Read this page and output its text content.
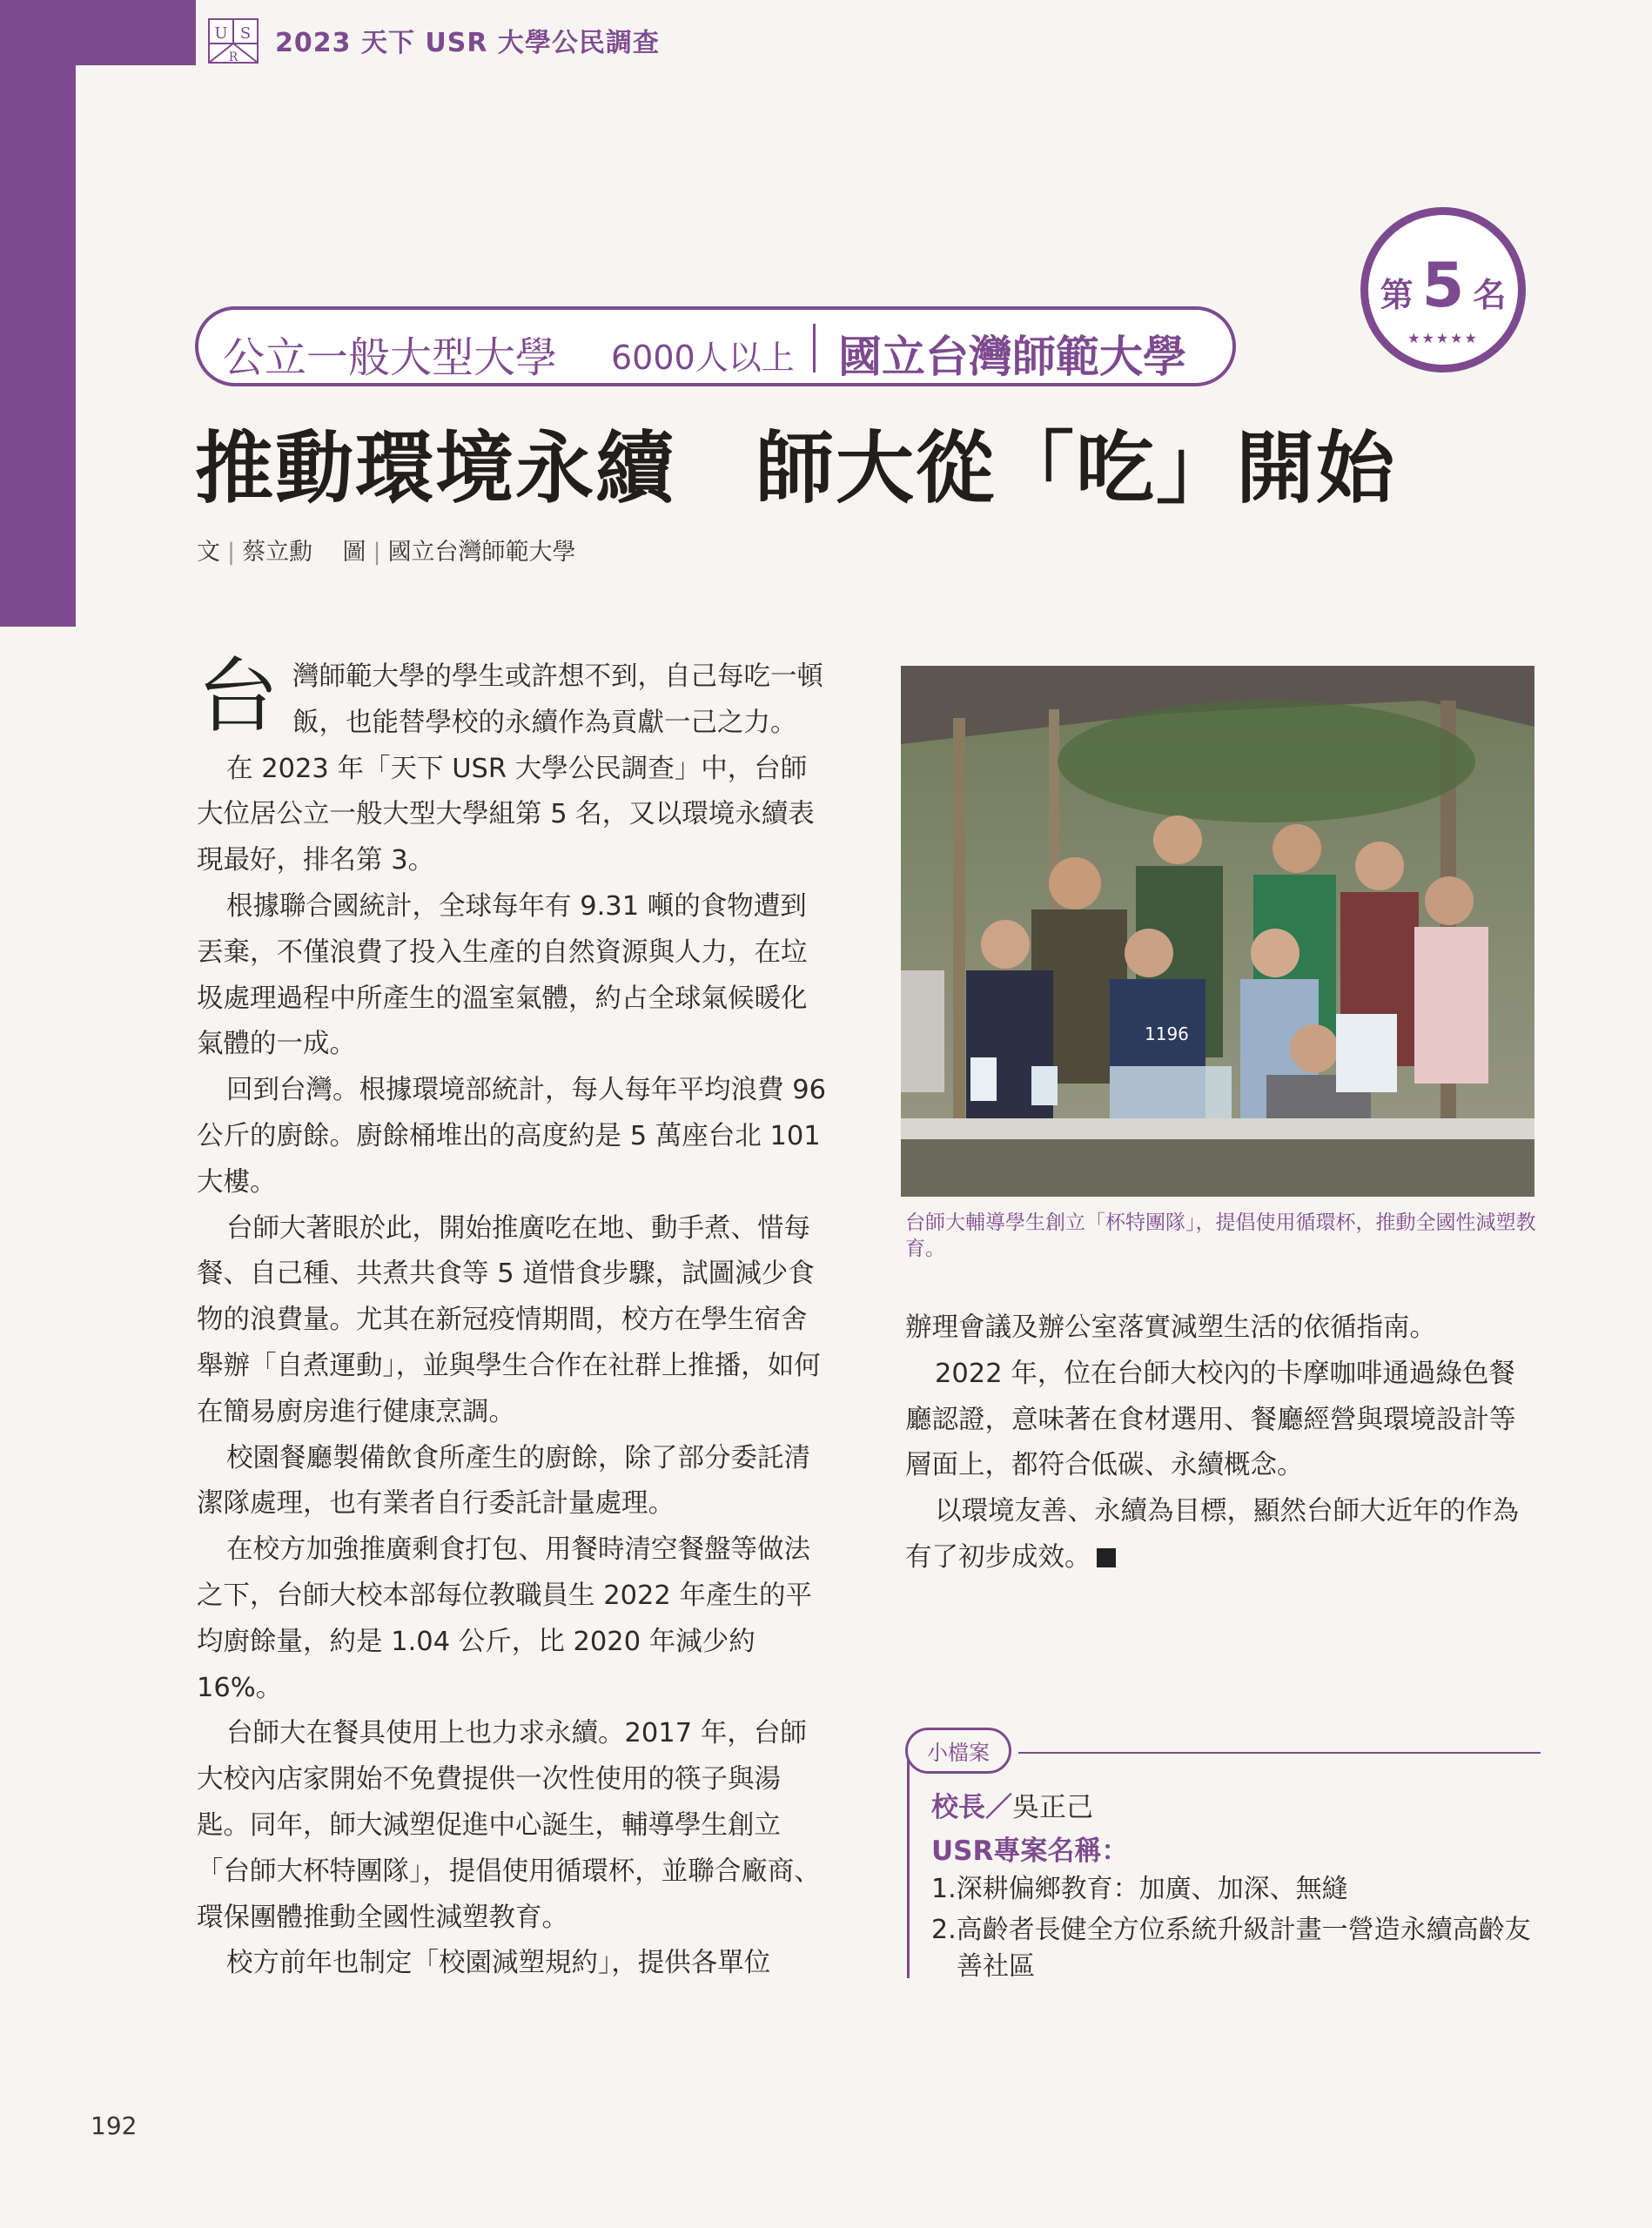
U S
R 2023 天下 USR 大學公民調查
第 5 名
★★★★★
公立一般大型大學 6000人以上 國立台灣師範大學
推動環境永續　師大從「吃」開始
文 | 蔡立勳 圖 | 國立台灣師範大學

台灣師範大學的學生或許想不到，自己每吃一頓飯，也能替學校的永續作為貢獻一己之力。

在 2023 年「天下 USR 大學公民調查」中，台師大位居公立一般大型大學組第 5 名，又以環境永續表現最好，排名第 3。

根據聯合國統計，全球每年有 9.31 噸的食物遭到丟棄，不僅浪費了投入生產的自然資源與人力，在垃圾處理過程中所產生的溫室氣體，約占全球氣候暖化氣體的一成。

回到台灣。根據環境部統計，每人每年平均浪費 96 公斤的廚餘。廚餘桶堆出的高度約是 5 萬座台北 101 大樓。

台師大著眼於此，開始推廣吃在地、動手煮、惜每餐、自己種、共煮共食等 5 道惜食步驟，試圖減少食物的浪費量。尤其在新冠疫情期間，校方在學生宿舍舉辦「自煮運動」，並與學生合作在社群上推播，如何在簡易廚房進行健康烹調。

校園餐廳製備飲食所產生的廚餘，除了部分委託清潔隊處理，也有業者自行委託計量處理。

在校方加強推廣剩食打包、用餐時清空餐盤等做法之下，台師大校本部每位教職員生 2022 年產生的平均廚餘量，約是 1.04 公斤，比 2020 年減少約 16%。

台師大在餐具使用上也力求永續。2017 年，台師大校內店家開始不免費提供一次性使用的筷子與湯匙。同年，師大減塑促進中心誕生，輔導學生創立「台師大杯特團隊」，提倡使用循環杯，並聯合廠商、環保團體推動全國性減塑教育。

校方前年也制定「校園減塑規約」，提供各單位

1196
台師大輔導學生創立「杯特團隊」，提倡使用循環杯，推動全國性減塑教育。

辦理會議及辦公室落實減塑生活的依循指南。

2022 年，位在台師大校內的卡摩咖啡通過綠色餐廳認證，意味著在食材選用、餐廳經營與環境設計等層面上，都符合低碳、永續概念。

以環境友善、永續為目標，顯然台師大近年的作為有了初步成效。

小檔案
校長／吳正己
USR專案名稱：
1.深耕偏鄉教育：加廣、加深、無縫
2.高齡者長健全方位系統升級計畫一營造永續高齡友善社區
192
